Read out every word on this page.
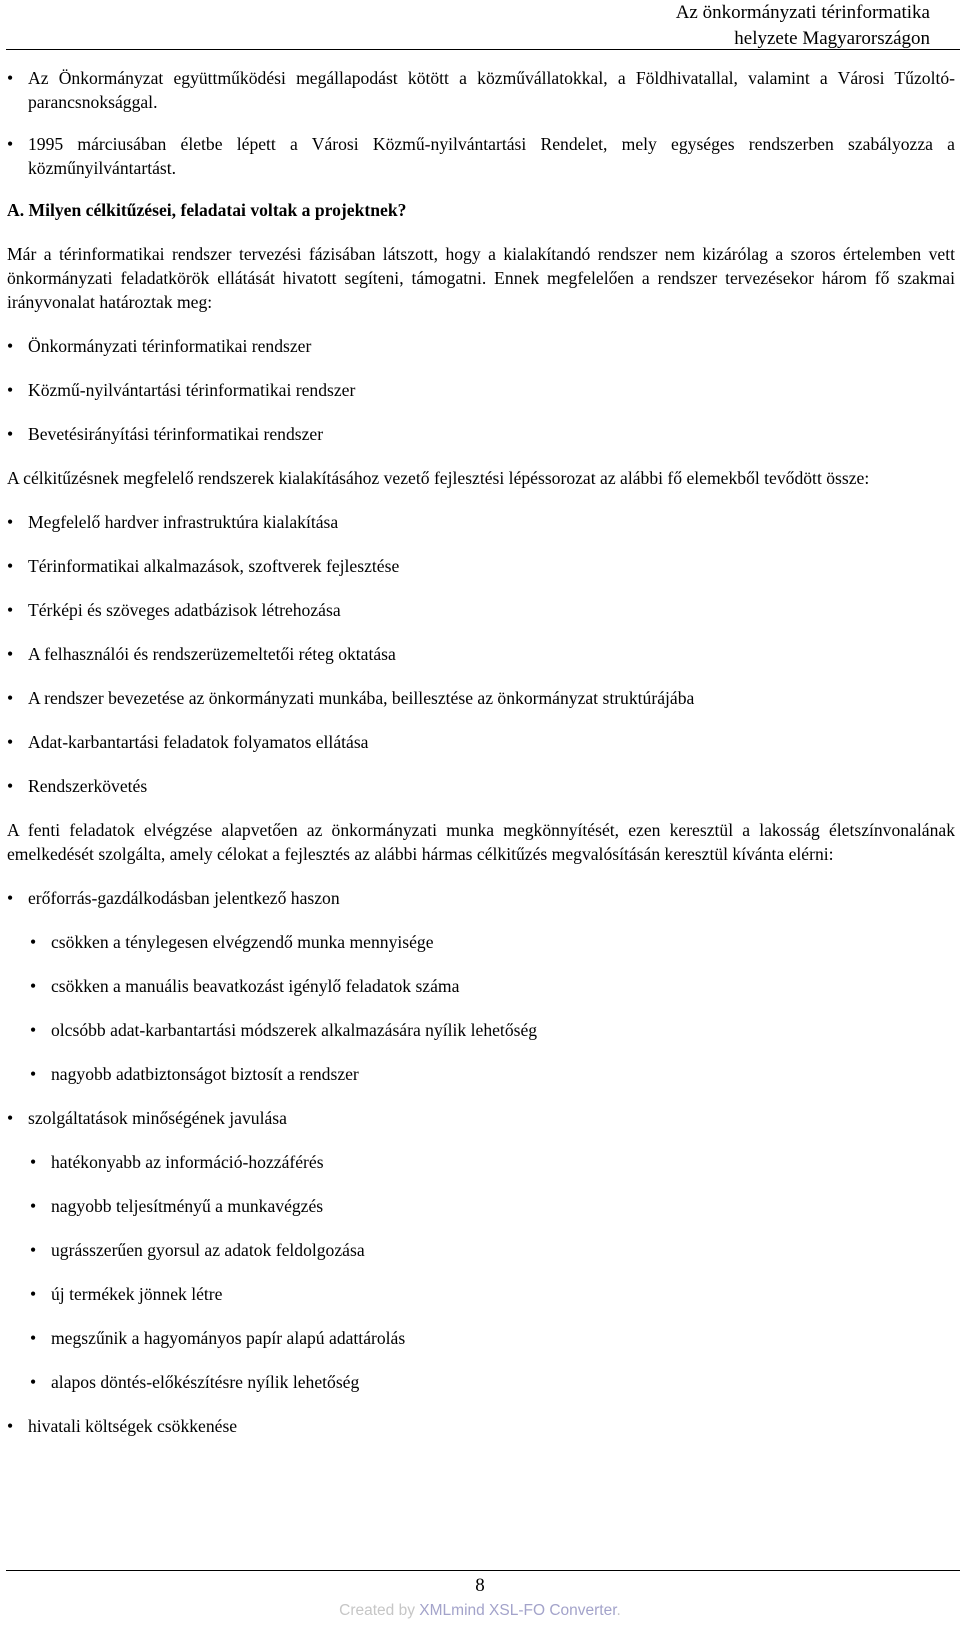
Az önkormányzati térinformatika
helyzete Magyarországon
• Az Önkormányzat együttműködési megállapodást kötött a közművállatokkal, a Földhivatallal, valamint a Városi Tűzoltó-parancsnoksággal.
• 1995 márciusában életbe lépett a Városi Közmű-nyilvántartási Rendelet, mely egységes rendszerben szabályozza a közműnyilvántartást.
A. Milyen célkitűzései, feladatai voltak a projektnek?

Már a térinformatikai rendszer tervezési fázisában látszott, hogy a kialakítandó rendszer nem kizárólag a szoros értelemben vett önkormányzati feladatkörök ellátását hivatott segíteni, támogatni. Ennek megfelelően a rendszer tervezésekor három fő szakmai irányvonalat határoztak meg:

• Önkormányzati térinformatikai rendszer
• Közmű-nyilvántartási térinformatikai rendszer
• Bevetésirányítási térinformatikai rendszer

A célkitűzésnek megfelelő rendszerek kialakításához vezető fejlesztési lépéssorozat az alábbi fő elemekből tevődött össze:

• Megfelelő hardver infrastruktúra kialakítása
• Térinformatikai alkalmazások, szoftverek fejlesztése
• Térképi és szöveges adatbázisok létrehozása
• A felhasználói és rendszerüzemeltetői réteg oktatása
• A rendszer bevezetése az önkormányzati munkába, beillesztése az önkormányzat struktúrájába
• Adat-karbantartási feladatok folyamatos ellátása
• Rendszerkövetés

A fenti feladatok elvégzése alapvetően az önkormányzati munka megkönnyítését, ezen keresztül a lakosság életszínvonalának emelkedését szolgálta, amely célokat a fejlesztés az alábbi hármas célkitűzés megvalósításán keresztül kívánta elérni:

• erőforrás-gazdálkodásban jelentkező haszon
• csökken a ténylegesen elvégzendő munka mennyisége
• csökken a manuális beavatkozást igénylő feladatok száma
• olcsóbb adat-karbantartási módszerek alkalmazására nyílik lehetőség
• nagyobb adatbiztonságot biztosít a rendszer
• szolgáltatások minőségének javulása
• hatékonyabb az információ-hozzáférés
• nagyobb teljesítményű a munkavégzés
• ugrásszerűen gyorsul az adatok feldolgozása
• új termékek jönnek létre
• megszűnik a hagyományos papír alapú adattárolás
• alapos döntés-előkészítésre nyílik lehetőség
• hivatali költségek csökkenése
8
Created by XMLmind XSL-FO Converter.
